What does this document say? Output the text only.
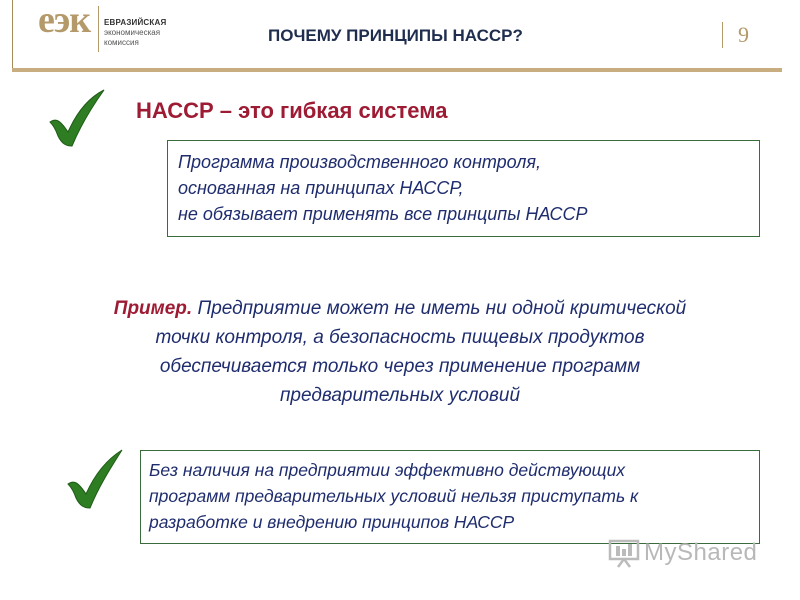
еэк ЕВРАЗИЙСКАЯ
экономическая
комиссия	ПОЧЕМУ ПРИНЦИПЫ НАССР?	9
НАССР – это гибкая система
Программа производственного контроля,
основанная на принципах НАССР,
не обязывает применять все принципы НАССР
Пример. Предприятие может не иметь ни одной критической
точки контроля, а безопасность пищевых продуктов
обеспечивается только через применение программ
предварительных условий
Без наличия на предприятии эффективно действующих
программ предварительных условий нельзя приступать к
разработке и внедрению принципов НАССР
MyShared
